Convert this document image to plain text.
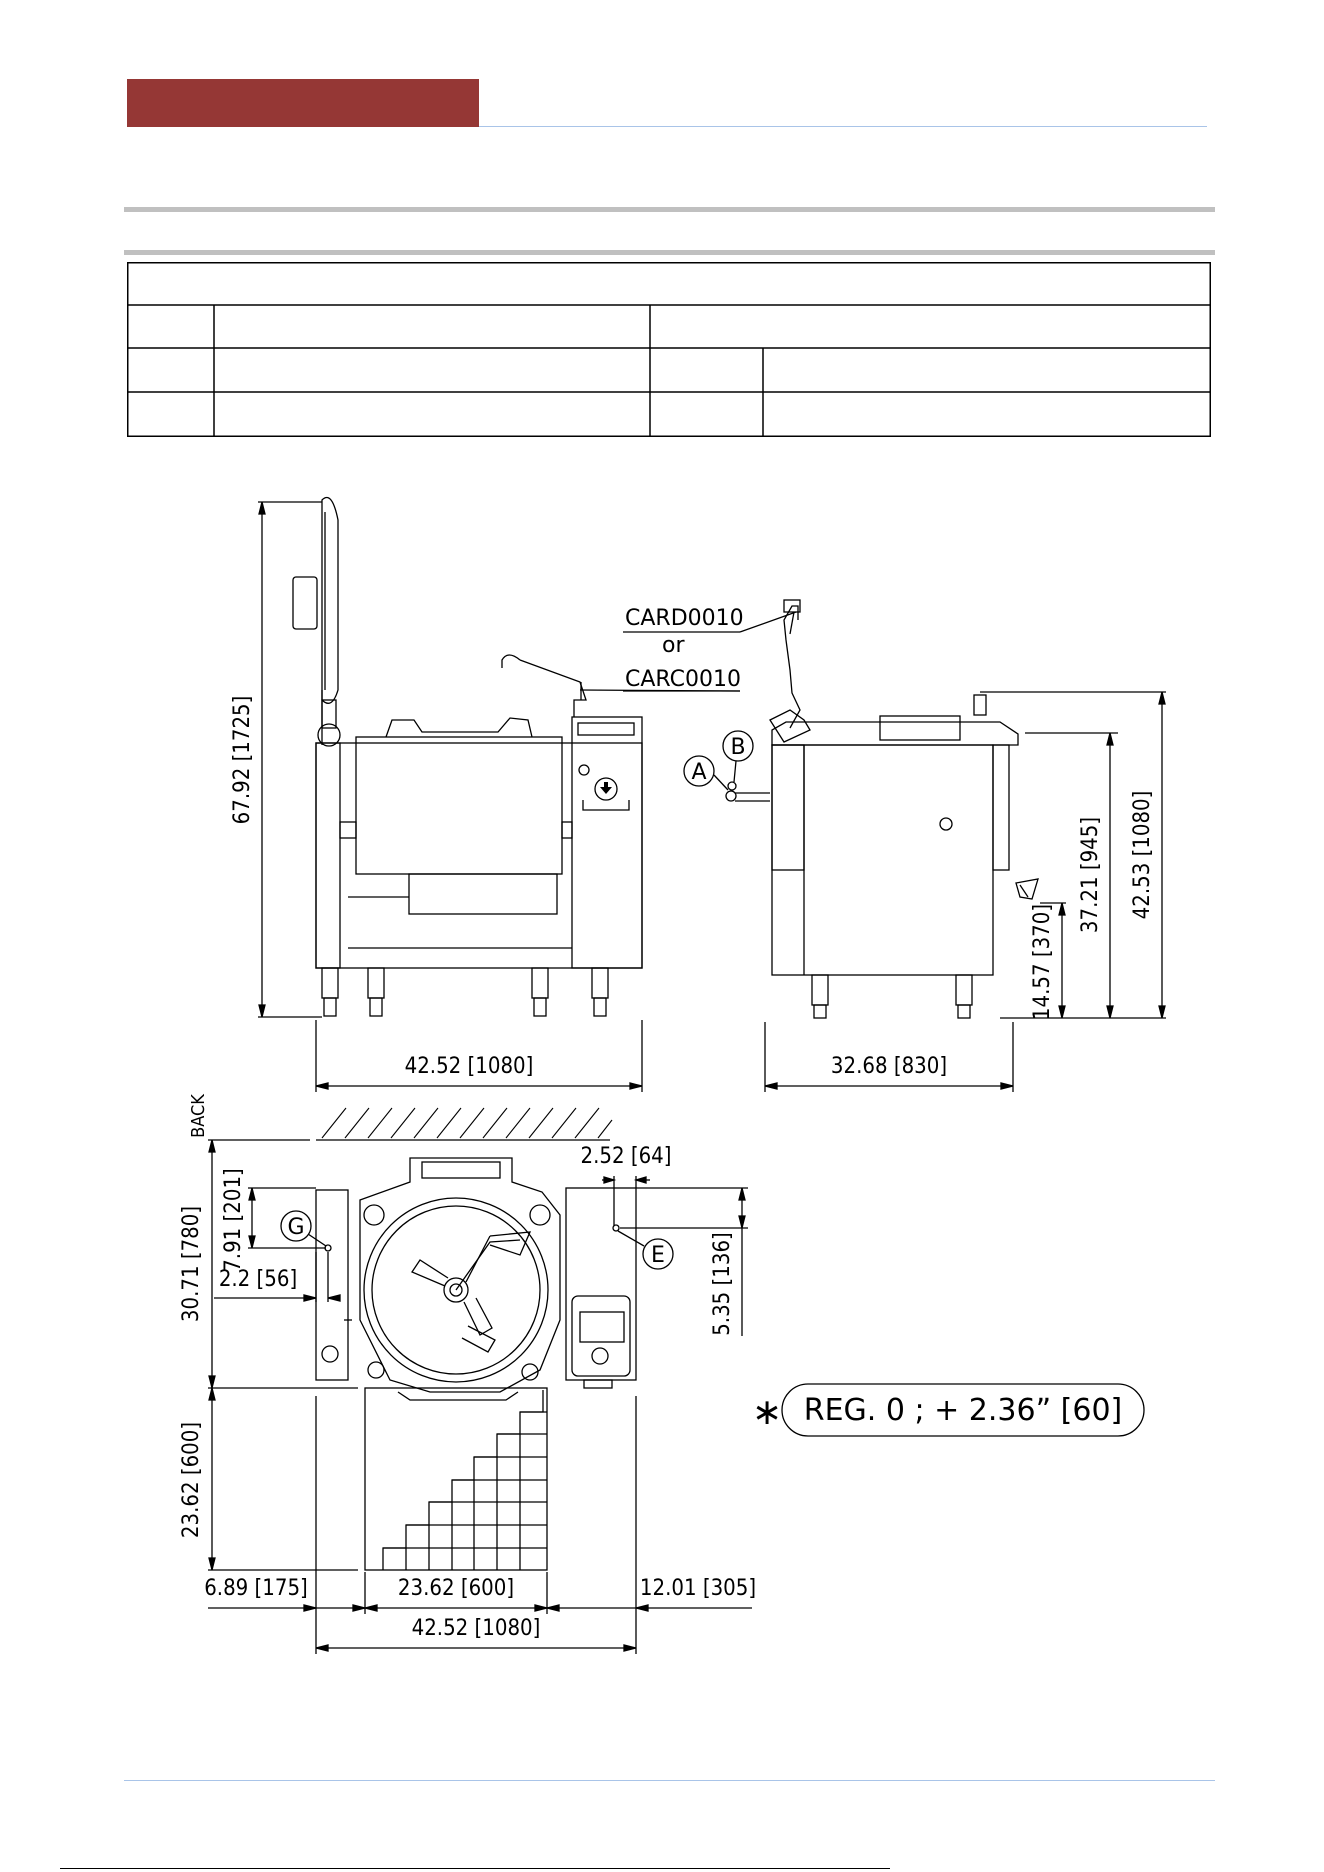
67.92 [1725]
42.52 [1080]
CARD0010
or
CARC0010
A
B
32.68 [830]
42.53 [1080]
37.21 [945]
14.57 [370]
BACK
G
E
30.71 [780]
23.62 [600]
7.91 [201]
2.2 [56]
2.52 [64]
5.35 [136]
6.89 [175]	23.62 [600]	12.01 [305]
42.52 [1080]
∗ REG. 0 ; + 2.36” [60]
